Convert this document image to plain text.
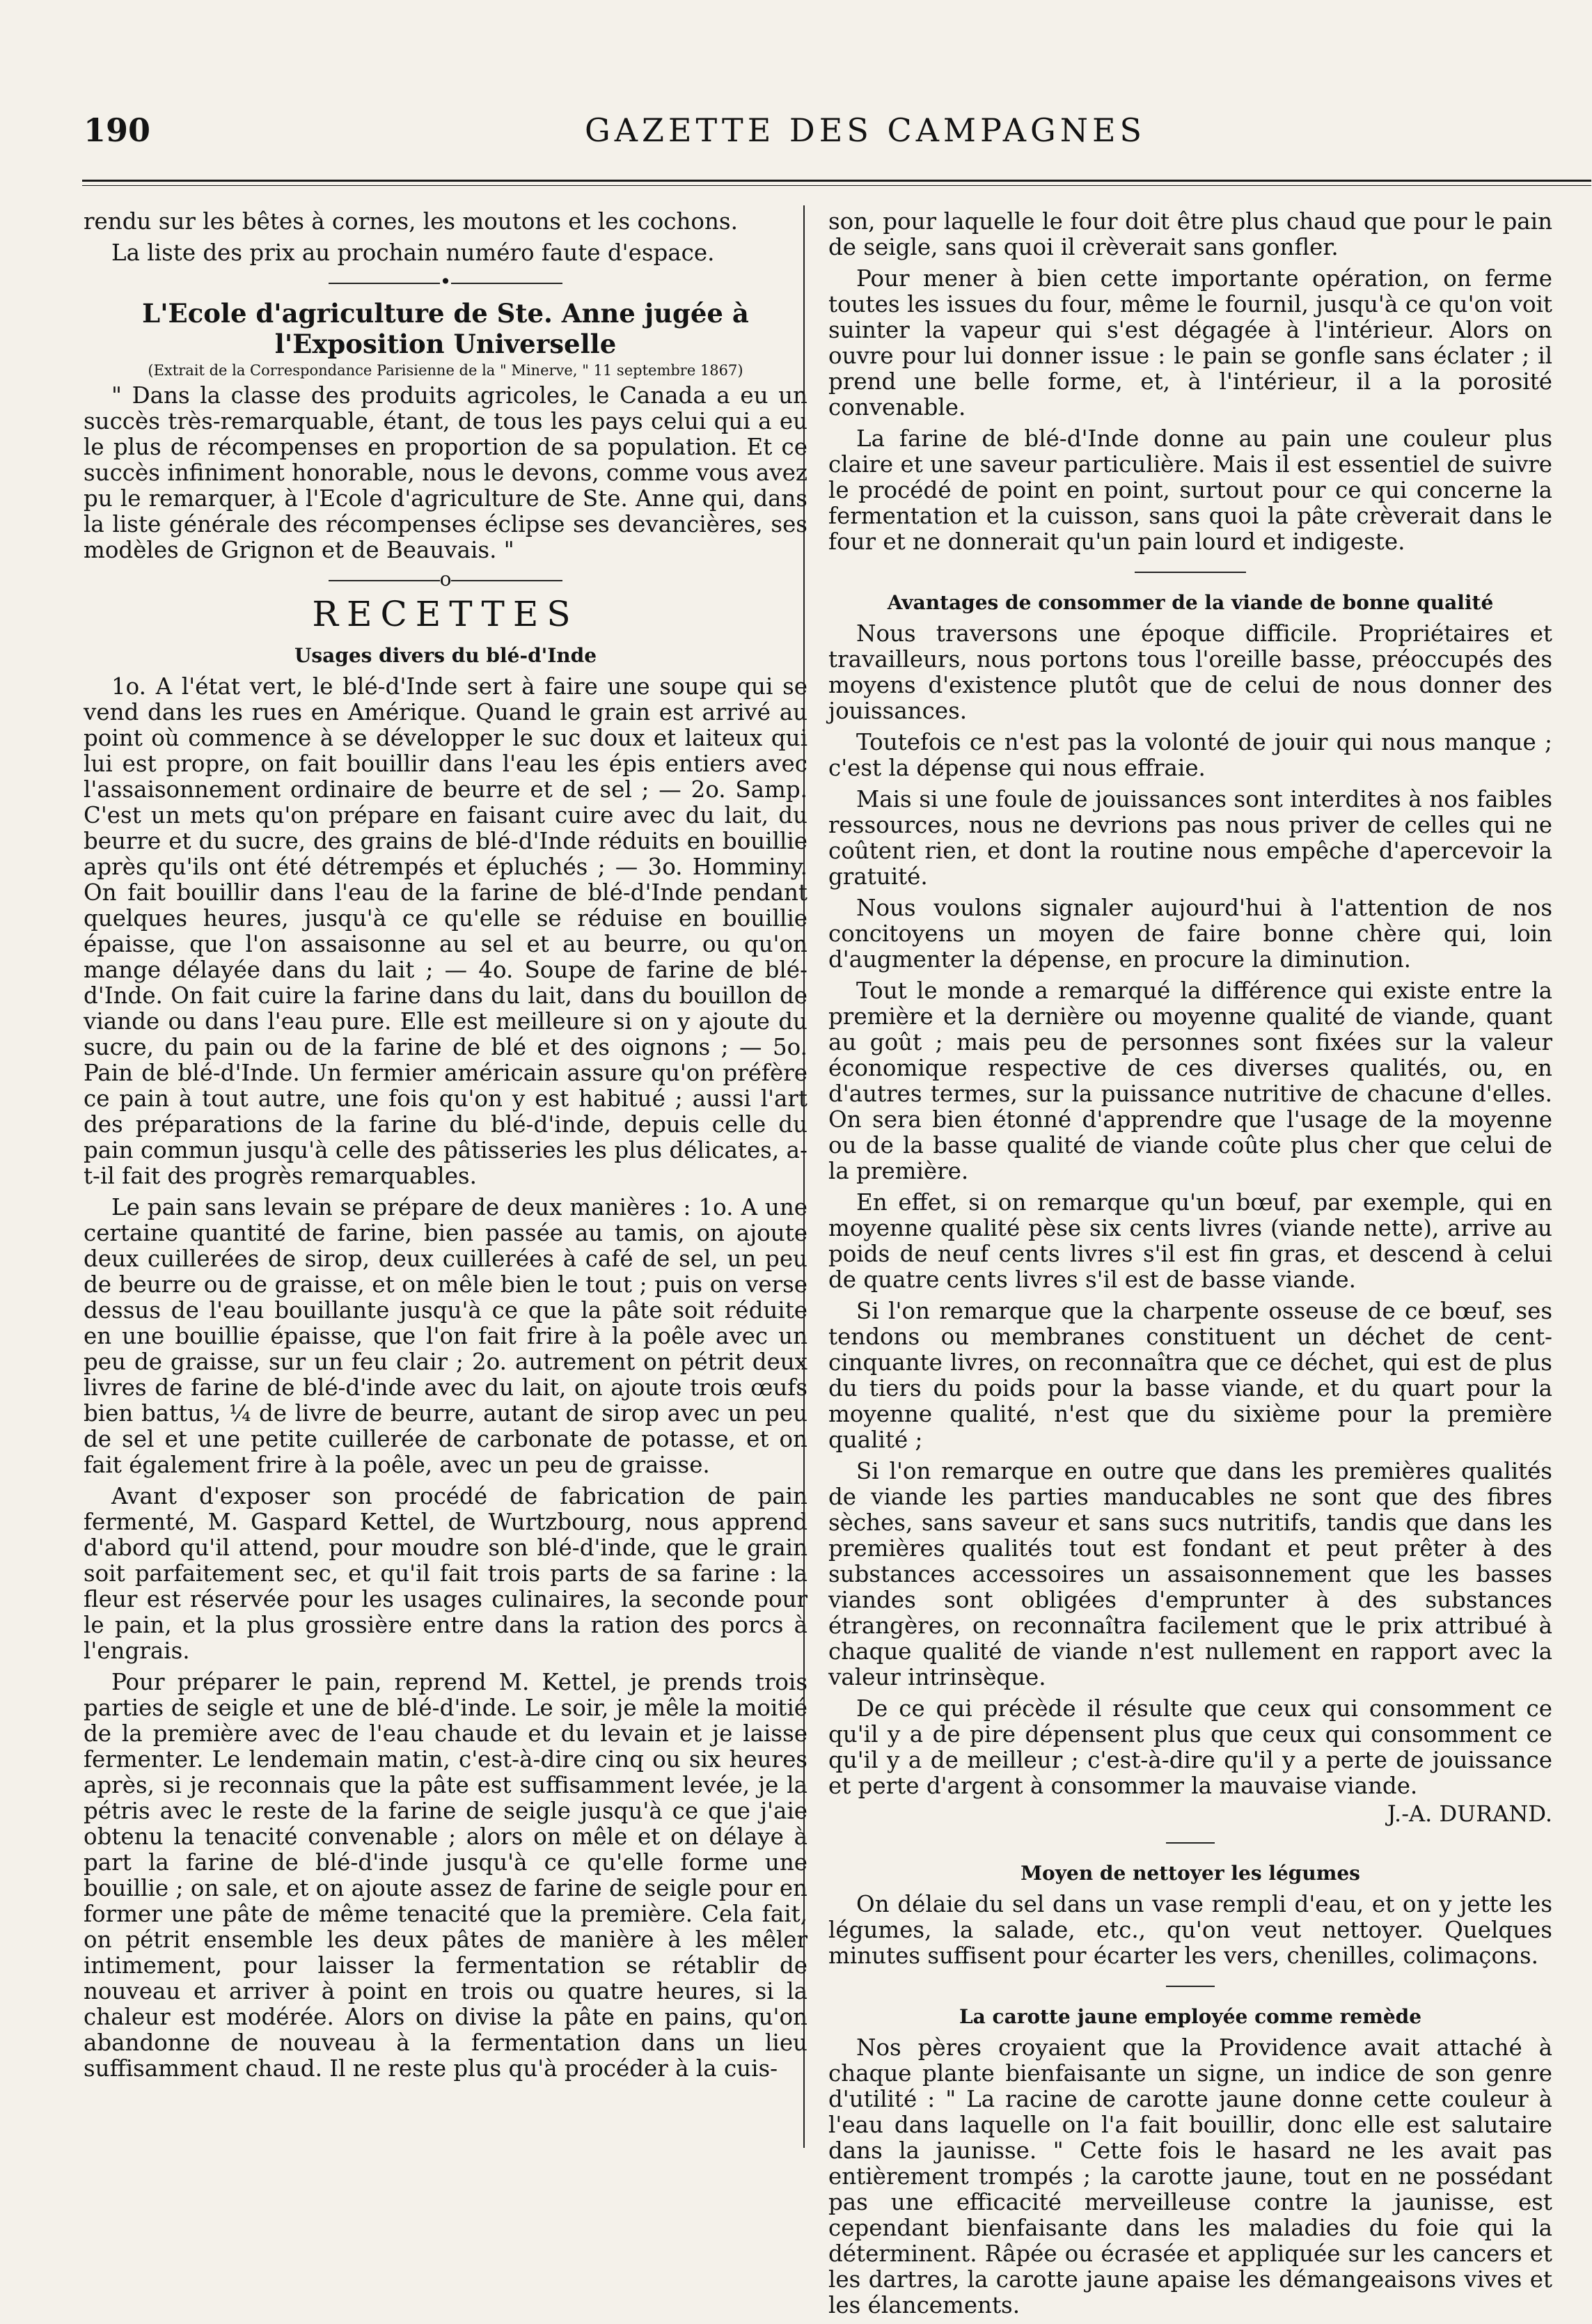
190	GAZETTE DES CAMPAGNES

rendu sur les bêtes à cornes, les moutons et les cochons.

La liste des prix au prochain numéro faute d'espace.

•
L'Ecole d'agriculture de Ste. Anne jugée à l'Exposition Universelle
(Extrait de la Correspondance Parisienne de la " Minerve, " 11 septembre 1867)

" Dans la classe des produits agricoles, le Canada a eu un succès très-remarquable, étant, de tous les pays celui qui a eu le plus de récompenses en proportion de sa population. Et ce succès infiniment honorable, nous le devons, comme vous avez pu le remarquer, à l'Ecole d'agriculture de Ste. Anne qui, dans la liste générale des récompenses éclipse ses devancières, ses modèles de Grignon et de Beauvais. "

o
RECETTES
Usages divers du blé-d'Inde

1o. A l'état vert, le blé-d'Inde sert à faire une soupe qui se vend dans les rues en Amérique. Quand le grain est arrivé au point où commence à se développer le suc doux et laiteux qui lui est propre, on fait bouillir dans l'eau les épis entiers avec l'assaisonnement ordinaire de beurre et de sel ; — 2o. Samp. C'est un mets qu'on prépare en faisant cuire avec du lait, du beurre et du sucre, des grains de blé-d'Inde réduits en bouillie après qu'ils ont été détrempés et épluchés ; — 3o. Homminy. On fait bouillir dans l'eau de la farine de blé-d'Inde pendant quelques heures, jusqu'à ce qu'elle se réduise en bouillie épaisse, que l'on assaisonne au sel et au beurre, ou qu'on mange délayée dans du lait ; — 4o. Soupe de farine de blé-d'Inde. On fait cuire la farine dans du lait, dans du bouillon de viande ou dans l'eau pure. Elle est meilleure si on y ajoute du sucre, du pain ou de la farine de blé et des oignons ; — 5o. Pain de blé-d'Inde. Un fermier américain assure qu'on préfère ce pain à tout autre, une fois qu'on y est habitué ; aussi l'art des préparations de la farine du blé-d'inde, depuis celle du pain commun jusqu'à celle des pâtisseries les plus délicates, a-t-il fait des progrès remarquables.

Le pain sans levain se prépare de deux manières : 1o. A une certaine quantité de farine, bien passée au tamis, on ajoute deux cuillerées de sirop, deux cuillerées à café de sel, un peu de beurre ou de graisse, et on mêle bien le tout ; puis on verse dessus de l'eau bouillante jusqu'à ce que la pâte soit réduite en une bouillie épaisse, que l'on fait frire à la poêle avec un peu de graisse, sur un feu clair ; 2o. autrement on pétrit deux livres de farine de blé-d'inde avec du lait, on ajoute trois œufs bien battus, ¼ de livre de beurre, autant de sirop avec un peu de sel et une petite cuillerée de carbonate de potasse, et on fait également frire à la poêle, avec un peu de graisse.

Avant d'exposer son procédé de fabrication de pain fermenté, M. Gaspard Kettel, de Wurtzbourg, nous apprend d'abord qu'il attend, pour moudre son blé-d'inde, que le grain soit parfaitement sec, et qu'il fait trois parts de sa farine : la fleur est réservée pour les usages culinaires, la seconde pour le pain, et la plus grossière entre dans la ration des porcs à l'engrais.

Pour préparer le pain, reprend M. Kettel, je prends trois parties de seigle et une de blé-d'inde. Le soir, je mêle la moitié de la première avec de l'eau chaude et du levain et je laisse fermenter. Le lendemain matin, c'est-à-dire cinq ou six heures après, si je reconnais que la pâte est suffisamment levée, je la pétris avec le reste de la farine de seigle jusqu'à ce que j'aie obtenu la tenacité convenable ; alors on mêle et on délaye à part la farine de blé-d'inde jusqu'à ce qu'elle forme une bouillie ; on sale, et on ajoute assez de farine de seigle pour en former une pâte de même tenacité que la première. Cela fait, on pétrit ensemble les deux pâtes de manière à les mêler intimement, pour laisser la fermentation se rétablir de nouveau et arriver à point en trois ou quatre heures, si la chaleur est modérée. Alors on divise la pâte en pains, qu'on abandonne de nouveau à la fermentation dans un lieu suffisamment chaud. Il ne reste plus qu'à procéder à la cuis-

son, pour laquelle le four doit être plus chaud que pour le pain de seigle, sans quoi il crèverait sans gonfler.

Pour mener à bien cette importante opération, on ferme toutes les issues du four, même le fournil, jusqu'à ce qu'on voit suinter la vapeur qui s'est dégagée à l'intérieur. Alors on ouvre pour lui donner issue : le pain se gonfle sans éclater ; il prend une belle forme, et, à l'intérieur, il a la porosité convenable.

La farine de blé-d'Inde donne au pain une couleur plus claire et une saveur particulière. Mais il est essentiel de suivre le procédé de point en point, surtout pour ce qui concerne la fermentation et la cuisson, sans quoi la pâte crèverait dans le four et ne donnerait qu'un pain lourd et indigeste.

Avantages de consommer de la viande de bonne qualité

Nous traversons une époque difficile. Propriétaires et travailleurs, nous portons tous l'oreille basse, préoccupés des moyens d'existence plutôt que de celui de nous donner des jouissances.

Toutefois ce n'est pas la volonté de jouir qui nous manque ; c'est la dépense qui nous effraie.

Mais si une foule de jouissances sont interdites à nos faibles ressources, nous ne devrions pas nous priver de celles qui ne coûtent rien, et dont la routine nous empêche d'apercevoir la gratuité.

Nous voulons signaler aujourd'hui à l'attention de nos concitoyens un moyen de faire bonne chère qui, loin d'augmenter la dépense, en procure la diminution.

Tout le monde a remarqué la différence qui existe entre la première et la dernière ou moyenne qualité de viande, quant au goût ; mais peu de personnes sont fixées sur la valeur économique respective de ces diverses qualités, ou, en d'autres termes, sur la puissance nutritive de chacune d'elles. On sera bien étonné d'apprendre que l'usage de la moyenne ou de la basse qualité de viande coûte plus cher que celui de la première.

En effet, si on remarque qu'un bœuf, par exemple, qui en moyenne qualité pèse six cents livres (viande nette), arrive au poids de neuf cents livres s'il est fin gras, et descend à celui de quatre cents livres s'il est de basse viande.

Si l'on remarque que la charpente osseuse de ce bœuf, ses tendons ou membranes constituent un déchet de cent-cinquante livres, on reconnaîtra que ce déchet, qui est de plus du tiers du poids pour la basse viande, et du quart pour la moyenne qualité, n'est que du sixième pour la première qualité ;

Si l'on remarque en outre que dans les premières qualités de viande les parties manducables ne sont que des fibres sèches, sans saveur et sans sucs nutritifs, tandis que dans les premières qualités tout est fondant et peut prêter à des substances accessoires un assaisonnement que les basses viandes sont obligées d'emprunter à des substances étrangères, on reconnaîtra facilement que le prix attribué à chaque qualité de viande n'est nullement en rapport avec la valeur intrinsèque.

De ce qui précède il résulte que ceux qui consomment ce qu'il y a de pire dépensent plus que ceux qui consomment ce qu'il y a de meilleur ; c'est-à-dire qu'il y a perte de jouissance et perte d'argent à consommer la mauvaise viande.

J.-A. DURAND.
Moyen de nettoyer les légumes

On délaie du sel dans un vase rempli d'eau, et on y jette les légumes, la salade, etc., qu'on veut nettoyer. Quelques minutes suffisent pour écarter les vers, chenilles, colimaçons.

La carotte jaune employée comme remède

Nos pères croyaient que la Providence avait attaché à chaque plante bienfaisante un signe, un indice de son genre d'utilité : " La racine de carotte jaune donne cette couleur à l'eau dans laquelle on l'a fait bouillir, donc elle est salutaire dans la jaunisse. " Cette fois le hasard ne les avait pas entièrement trompés ; la carotte jaune, tout en ne possédant pas une efficacité merveilleuse contre la jaunisse, est cependant bienfaisante dans les maladies du foie qui la déterminent. Râpée ou écrasée et appliquée sur les cancers et les dartres, la carotte jaune apaise les démangeaisons vives et les élancements.
